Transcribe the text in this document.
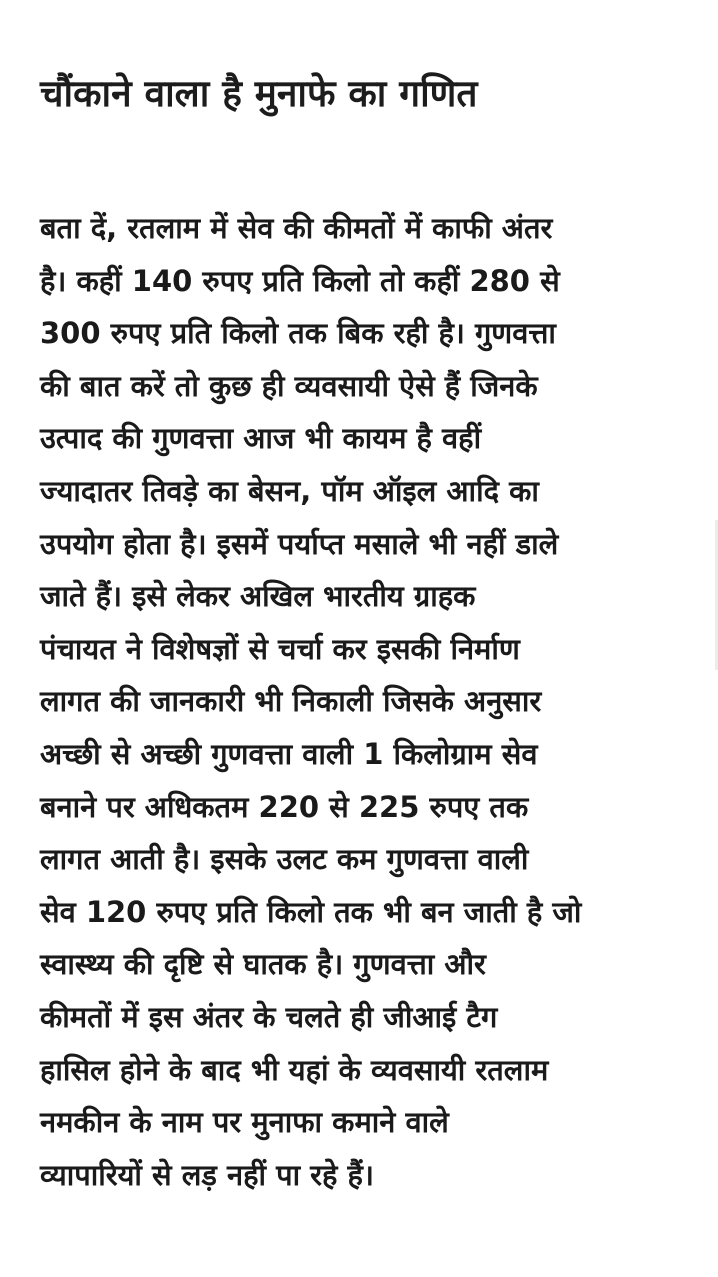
चौंकाने वाला है मुनाफे का गणित

बता दें, रतलाम में सेव की कीमतों में काफी अंतर
है। कहीं 140 रुपए प्रति किलो तो कहीं 280 से
300 रुपए प्रति किलो तक बिक रही है। गुणवत्ता
की बात करें तो कुछ ही व्यवसायी ऐसे हैं जिनके
उत्पाद की गुणवत्ता आज भी कायम है वहीं
ज्यादातर तिवड़े का बेसन, पॉम ऑइल आदि का
उपयोग होता है। इसमें पर्याप्त मसाले भी नहीं डाले
जाते हैं। इसे लेकर अखिल भारतीय ग्राहक
पंचायत ने विशेषज्ञों से चर्चा कर इसकी निर्माण
लागत की जानकारी भी निकाली जिसके अनुसार
अच्छी से अच्छी गुणवत्ता वाली 1 किलोग्राम सेव
बनाने पर अधिकतम 220 से 225 रुपए तक
लागत आती है। इसके उलट कम गुणवत्ता वाली
सेव 120 रुपए प्रति किलो तक भी बन जाती है जो
स्वास्थ्य की दृष्टि से घातक है। गुणवत्ता और
कीमतों में इस अंतर के चलते ही जीआई टैग
हासिल होने के बाद भी यहां के व्यवसायी रतलाम
नमकीन के नाम पर मुनाफा कमाने वाले
व्यापारियों से लड़ नहीं पा रहे हैं।
